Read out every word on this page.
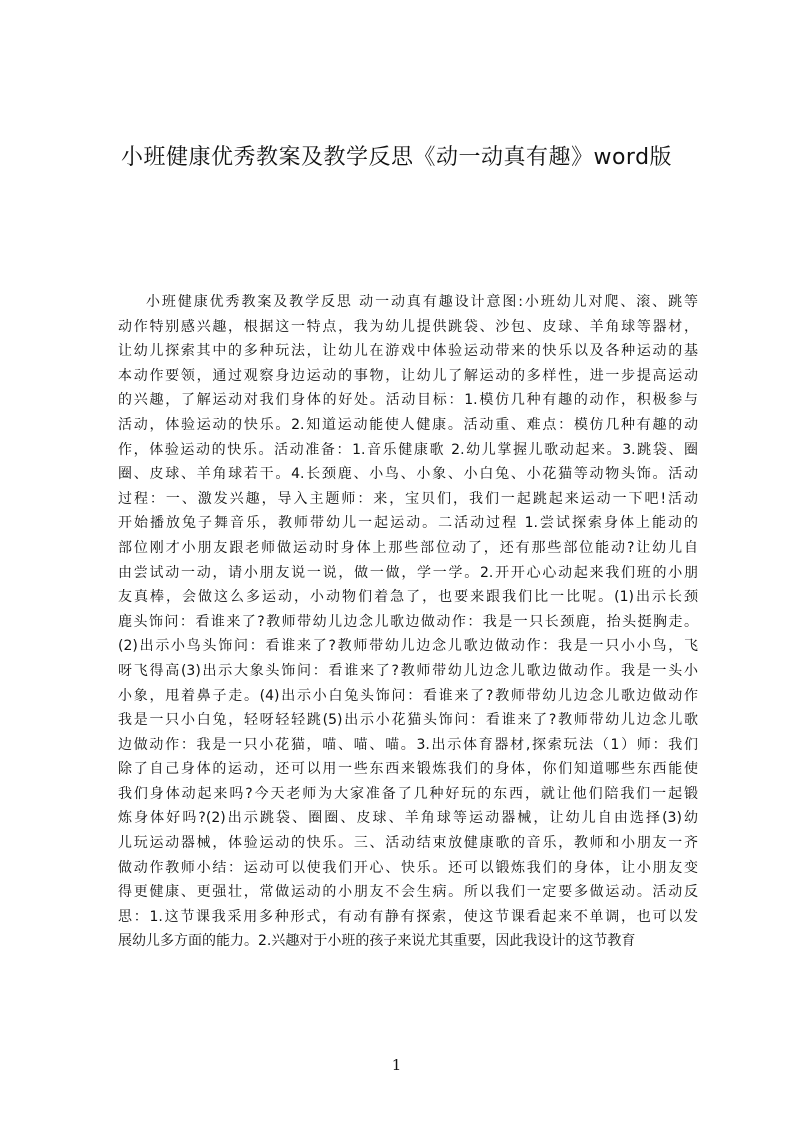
小班健康优秀教案及教学反思《动一动真有趣》word版
小班健康优秀教案及教学反思 动一动真有趣设计意图:小班幼儿对爬、滚、跳等
动作特别感兴趣，根据这一特点，我为幼儿提供跳袋、沙包、皮球、羊角球等器材，
让幼儿探索其中的多种玩法，让幼儿在游戏中体验运动带来的快乐以及各种运动的基
本动作要领，通过观察身边运动的事物，让幼儿了解运动的多样性，进一步提高运动
的兴趣，了解运动对我们身体的好处。活动目标：1.模仿几种有趣的动作，积极参与
活动，体验运动的快乐。2.知道运动能使人健康。活动重、难点：模仿几种有趣的动
作，体验运动的快乐。活动准备：1.音乐健康歌 2.幼儿掌握儿歌动起来。3.跳袋、圈
圈、皮球、羊角球若干。4.长颈鹿、小鸟、小象、小白兔、小花猫等动物头饰。活动
过程：一、激发兴趣，导入主题师：来，宝贝们，我们一起跳起来运动一下吧!活动
开始播放兔子舞音乐，教师带幼儿一起运动。二活动过程 1.尝试探索身体上能动的
部位刚才小朋友跟老师做运动时身体上那些部位动了，还有那些部位能动?让幼儿自
由尝试动一动，请小朋友说一说，做一做，学一学。2.开开心心动起来我们班的小朋
友真棒，会做这么多运动，小动物们着急了，也要来跟我们比一比呢。(1)出示长颈
鹿头饰问：看谁来了?教师带幼儿边念儿歌边做动作：我是一只长颈鹿，抬头挺胸走。
(2)出示小鸟头饰问：看谁来了?教师带幼儿边念儿歌边做动作：我是一只小小鸟，飞
呀飞得高(3)出示大象头饰问：看谁来了?教师带幼儿边念儿歌边做动作。我是一头小
小象，甩着鼻子走。(4)出示小白兔头饰问：看谁来了?教师带幼儿边念儿歌边做动作
我是一只小白兔，轻呀轻轻跳(5)出示小花猫头饰问：看谁来了?教师带幼儿边念儿歌
边做动作：我是一只小花猫，喵、喵、喵。3.出示体育器材,探索玩法（1）师：我们
除了自己身体的运动，还可以用一些东西来锻炼我们的身体，你们知道哪些东西能使
我们身体动起来吗?今天老师为大家准备了几种好玩的东西，就让他们陪我们一起锻
炼身体好吗?(2)出示跳袋、圈圈、皮球、羊角球等运动器械，让幼儿自由选择(3)幼
儿玩运动器械，体验运动的快乐。三、活动结束放健康歌的音乐，教师和小朋友一齐
做动作教师小结：运动可以使我们开心、快乐。还可以锻炼我们的身体，让小朋友变
得更健康、更强壮，常做运动的小朋友不会生病。所以我们一定要多做运动。活动反
思：1.这节课我采用多种形式，有动有静有探索，使这节课看起来不单调，也可以发
展幼儿多方面的能力。2.兴趣对于小班的孩子来说尤其重要，因此我设计的这节教育
1
